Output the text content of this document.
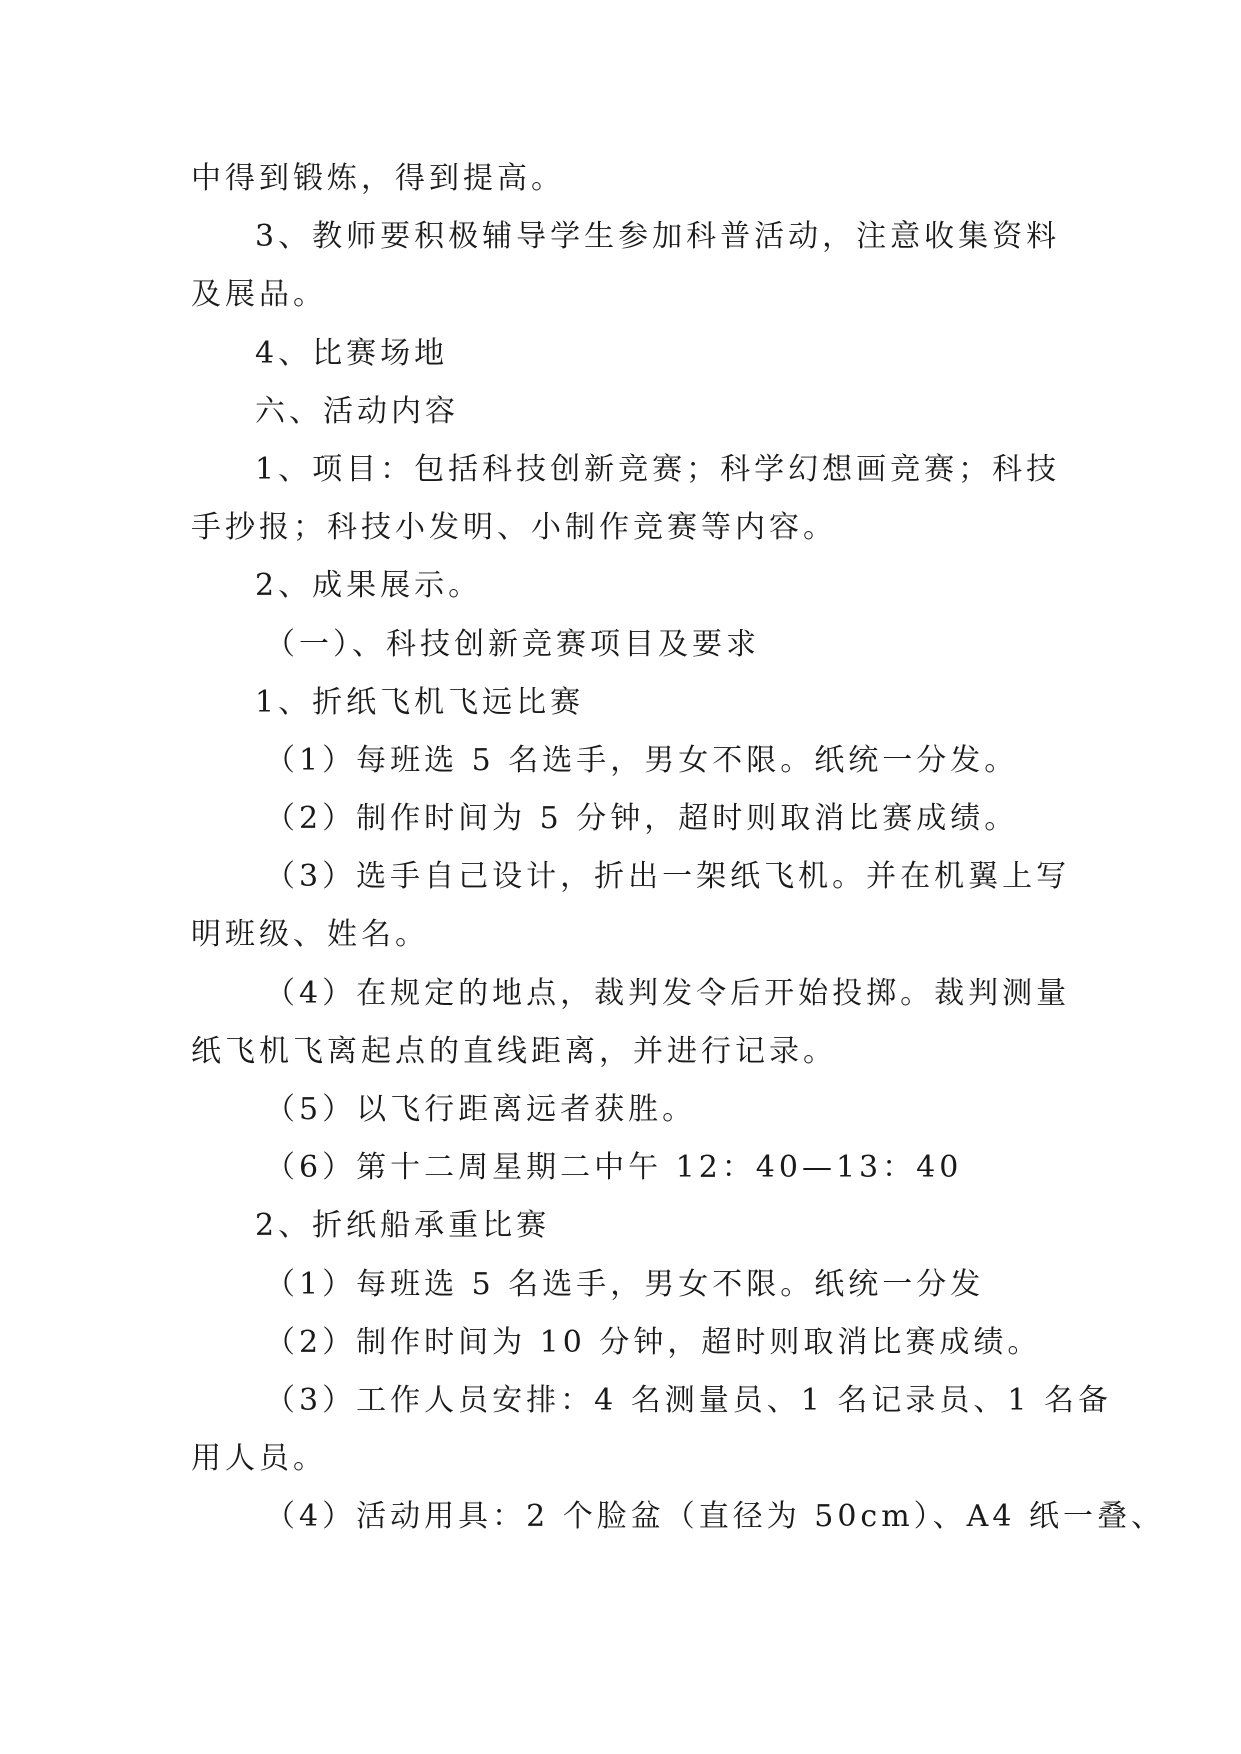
中得到锻炼，得到提高。

3、教师要积极辅导学生参加科普活动，注意收集资料

及展品。

4、比赛场地

六、活动内容

1、项目：包括科技创新竞赛；科学幻想画竞赛；科技

手抄报；科技小发明、小制作竞赛等内容。

2、成果展示。

（一）、科技创新竞赛项目及要求

1、折纸飞机飞远比赛

（1）每班选 5 名选手，男女不限。纸统一分发。

（2）制作时间为 5 分钟，超时则取消比赛成绩。

（3）选手自己设计，折出一架纸飞机。并在机翼上写

明班级、姓名。

（4）在规定的地点，裁判发令后开始投掷。裁判测量

纸飞机飞离起点的直线距离，并进行记录。

（5）以飞行距离远者获胜。

（6）第十二周星期二中午 12：40—13：40

2、折纸船承重比赛

（1）每班选 5 名选手，男女不限。纸统一分发

（2）制作时间为 10 分钟，超时则取消比赛成绩。

（3）工作人员安排：4 名测量员、1 名记录员、1 名备

用人员。

（4）活动用具：2 个脸盆（直径为 50cm）、A4 纸一叠、
